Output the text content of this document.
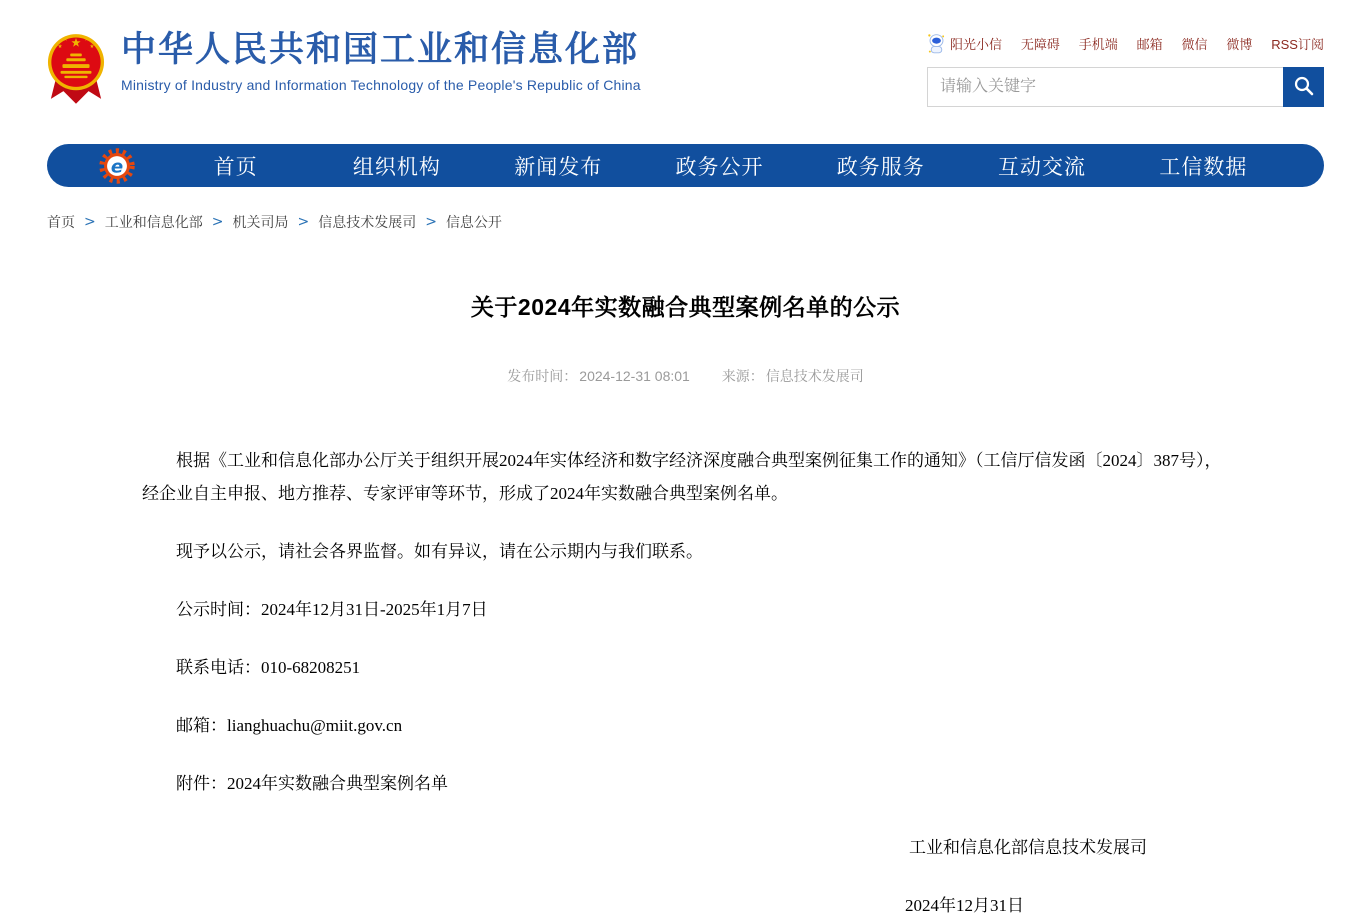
中华人民共和国工业和信息化部
Ministry of Industry and Information Technology of the People's Republic of China
阳光小信 无障碍 手机端 邮箱 微信 微博 RSS订阅
请输入关键字
e	首页	组织机构	新闻发布	政务公开	政务服务	互动交流	工信数据
首页 > 工业和信息化部 > 机关司局 > 信息技术发展司 > 信息公开
关于2024年实数融合典型案例名单的公示
发布时间： 2024-12-31 08:01 来源： 信息技术发展司

根据《工业和信息化部办公厅关于组织开展2024年实体经济和数字经济深度融合典型案例征集工作的通知》（工信厅信发函〔2024〕387号），经企业自主申报、地方推荐、专家评审等环节，形成了2024年实数融合典型案例名单。

现予以公示，请社会各界监督。如有异议，请在公示期内与我们联系。

公示时间：2024年12月31日-2025年1月7日

联系电话：010-68208251

邮箱：lianghuachu@miit.gov.cn

附件：2024年实数融合典型案例名单

工业和信息化部信息技术发展司

2024年12月31日
